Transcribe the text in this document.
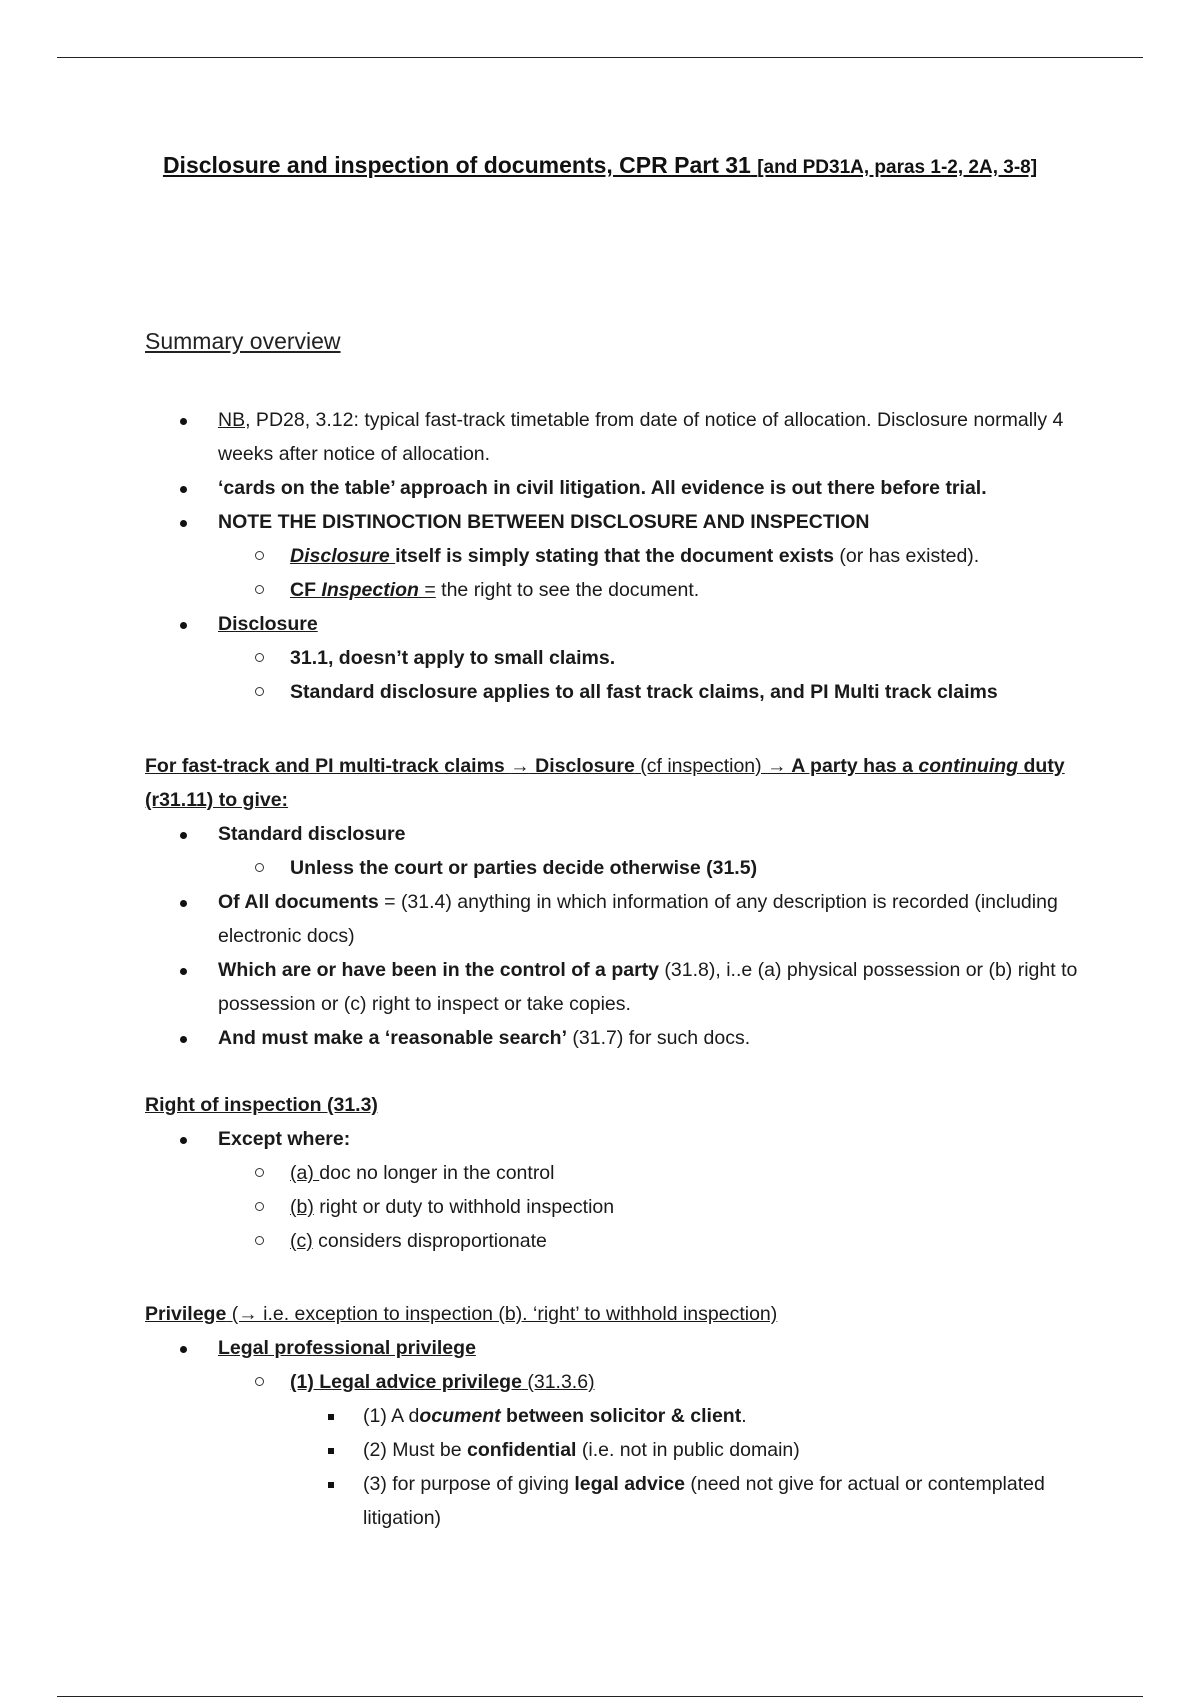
Disclosure and inspection of documents, CPR Part 31 [and PD31A, paras 1-2, 2A, 3-8]
Summary overview
NB, PD28, 3.12: typical fast-track timetable from date of notice of allocation. Disclosure normally 4 weeks after notice of allocation.
‘cards on the table’ approach in civil litigation. All evidence is out there before trial.
NOTE THE DISTINOCTION BETWEEN DISCLOSURE AND INSPECTION
Disclosure itself is simply stating that the document exists (or has existed).
CF Inspection = the right to see the document.
Disclosure
31.1, doesn’t apply to small claims.
Standard disclosure applies to all fast track claims, and PI Multi track claims

For fast-track and PI multi-track claims → Disclosure (cf inspection) → A party has a continuing duty (r31.11) to give:

Standard disclosure
Unless the court or parties decide otherwise (31.5)
Of All documents = (31.4) anything in which information of any description is recorded (including electronic docs)
Which are or have been in the control of a party (31.8), i..e (a) physical possession or (b) right to possession or (c) right to inspect or take copies.
And must make a ‘reasonable search’ (31.7) for such docs.

Right of inspection (31.3)

Except where:
(a) doc no longer in the control
(b) right or duty to withhold inspection
(c) considers disproportionate

Privilege (→ i.e. exception to inspection (b). ‘right’ to withhold inspection)

Legal professional privilege
(1) Legal advice privilege (31.3.6)
(1) A document between solicitor & client.
(2) Must be confidential (i.e. not in public domain)
(3) for purpose of giving legal advice (need not give for actual or contemplated litigation)
